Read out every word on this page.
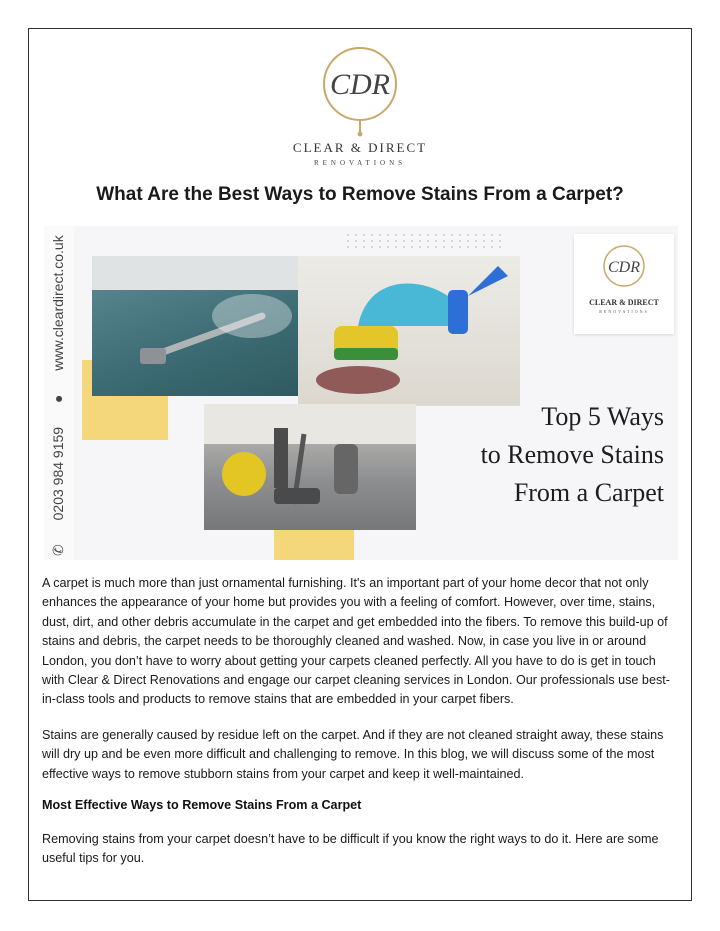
CDR
CLEAR & DIRECT
RENOVATIONS
What Are the Best Ways to Remove Stains From a Carpet?
✆ 0203 984 9159 ● www.cleardirect.co.uk	CDR
CLEAR & DIRECT
RENOVATIONS
Top 5 Ways
to Remove Stains
From a Carpet

A carpet is much more than just ornamental furnishing. It's an important part of your home decor that not only enhances the appearance of your home but provides you with a feeling of comfort. However, over time, stains, dust, dirt, and other debris accumulate in the carpet and get embedded into the fibers. To remove this build-up of stains and debris, the carpet needs to be thoroughly cleaned and washed. Now, in case you live in or around London, you don’t have to worry about getting your carpets cleaned perfectly. All you have to do is get in touch with Clear & Direct Renovations and engage our carpet cleaning services in London. Our professionals use best-in-class tools and products to remove stains that are embedded in your carpet fibers.

Stains are generally caused by residue left on the carpet. And if they are not cleaned straight away, these stains will dry up and be even more difficult and challenging to remove. In this blog, we will discuss some of the most effective ways to remove stubborn stains from your carpet and keep it well-maintained.

Most Effective Ways to Remove Stains From a Carpet

Removing stains from your carpet doesn’t have to be difficult if you know the right ways to do it. Here are some useful tips for you.
